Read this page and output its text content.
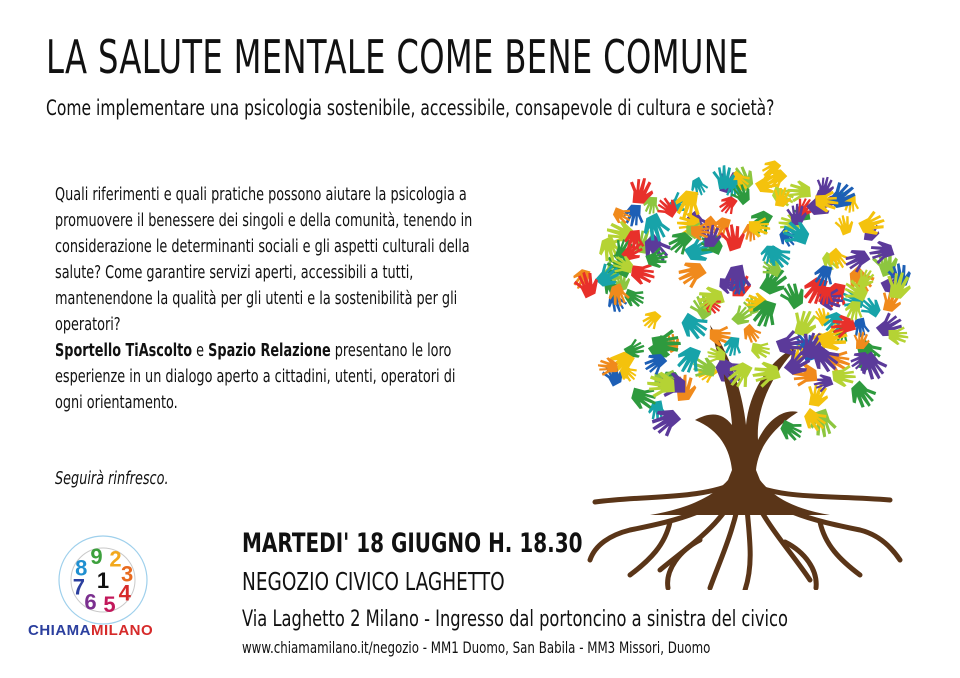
LA SALUTE MENTALE COME BENE COMUNE
Come implementare una psicologia sostenibile, accessibile, consapevole di cultura e società?

Quali riferimenti e quali pratiche possono aiutare la psicologia a

promuovere il benessere dei singoli e della comunità, tenendo in

considerazione le determinanti sociali e gli aspetti culturali della

salute? Come garantire servizi aperti, accessibili a tutti,

mantenendone la qualità per gli utenti e la sostenibilità per gli

operatori?

Sportello TiAscolto e Spazio Relazione presentano le loro

esperienze in un dialogo aperto a cittadini, utenti, operatori di

ogni orientamento.

Seguirà rinfresco.
MARTEDI' 18 GIUGNO H. 18.30
NEGOZIO CIVICO LAGHETTO
Via Laghetto 2 Milano - Ingresso dal portoncino a sinistra del civico
www.chiamamilano.it/negozio - MM1 Duomo, San Babila - MM3 Missori, Duomo
2
3
4
5
6
7
8 9
1
CHIAMAMILANO
